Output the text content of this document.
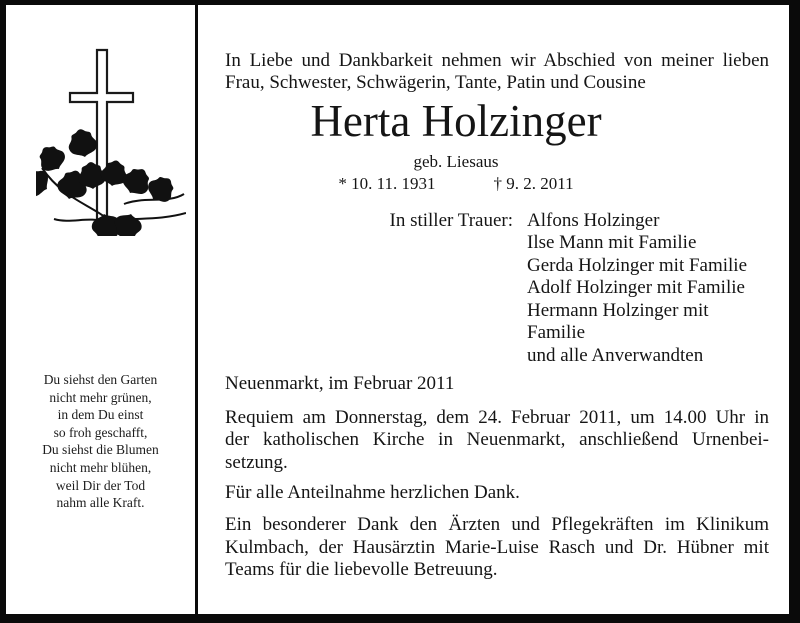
Du siehst den Garten
nicht mehr grünen,
in dem Du einst
so froh geschafft,
Du siehst die Blumen
nicht mehr blühen,
weil Dir der Tod
nahm alle Kraft.
In Liebe und Dankbarkeit nehmen wir Abschied von meiner lieben
Frau, Schwester, Schwägerin, Tante, Patin und Cousine
Herta Holzinger
geb. Liesaus
* 10. 11. 1931	† 9. 2. 2011
In stiller Trauer: Alfons Holzinger
Ilse Mann mit Familie
Gerda Holzinger mit Familie
Adolf Holzinger mit Familie
Hermann Holzinger mit
Familie
und alle Anverwandten
Neuenmarkt, im Februar 2011
Requiem am Donnerstag, dem 24. Februar 2011, um 14.00 Uhr in
der katholischen Kirche in Neuenmarkt, anschließend Urnenbei-
setzung.
Für alle Anteilnahme herzlichen Dank.
Ein besonderer Dank den Ärzten und Pflegekräften im Klinikum
Kulmbach, der Hausärztin Marie-Luise Rasch und Dr. Hübner mit
Teams für die liebevolle Betreuung.
